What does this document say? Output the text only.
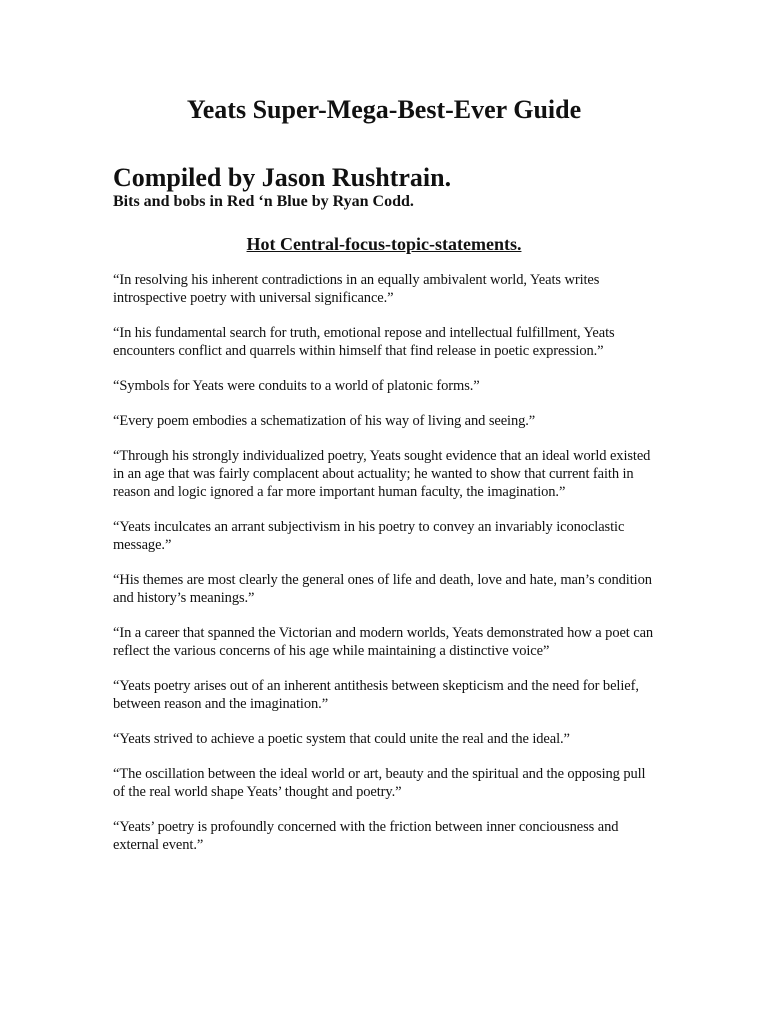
Yeats Super-Mega-Best-Ever Guide
Compiled by Jason Rushtrain.

Bits and bobs in Red ‘n Blue by Ryan Codd.

Hot Central-focus-topic-statements.
“In resolving his inherent contradictions in an equally ambivalent world, Yeats writes introspective poetry with universal significance.”
“In his fundamental search for truth, emotional repose and intellectual fulfillment, Yeats encounters conflict and quarrels within himself that find release in poetic expression.”
“Symbols for Yeats were conduits to a world of platonic forms.”
“Every poem embodies a schematization of his way of living and seeing.”
“Through his strongly individualized poetry, Yeats sought evidence that an ideal world existed in an age that was fairly complacent about actuality; he wanted to show that current faith in reason and logic ignored a far more important human faculty, the imagination.”
“Yeats inculcates an arrant subjectivism in his poetry to convey an invariably iconoclastic message.”
“His themes are most clearly the general ones of life and death, love and hate, man’s condition and history’s meanings.”
“In a career that spanned the Victorian and modern worlds, Yeats demonstrated how a poet can reflect the various concerns of his age while maintaining a distinctive voice”
“Yeats poetry arises out of an inherent antithesis between skepticism and the need for belief, between reason and the imagination.”
“Yeats strived to achieve a poetic system that could unite the real and the ideal.”
“The oscillation between the ideal world or art, beauty and the spiritual and the opposing pull of the real world shape Yeats’ thought and poetry.”
“Yeats’ poetry is profoundly concerned with the friction between inner conciousness and external event.”
